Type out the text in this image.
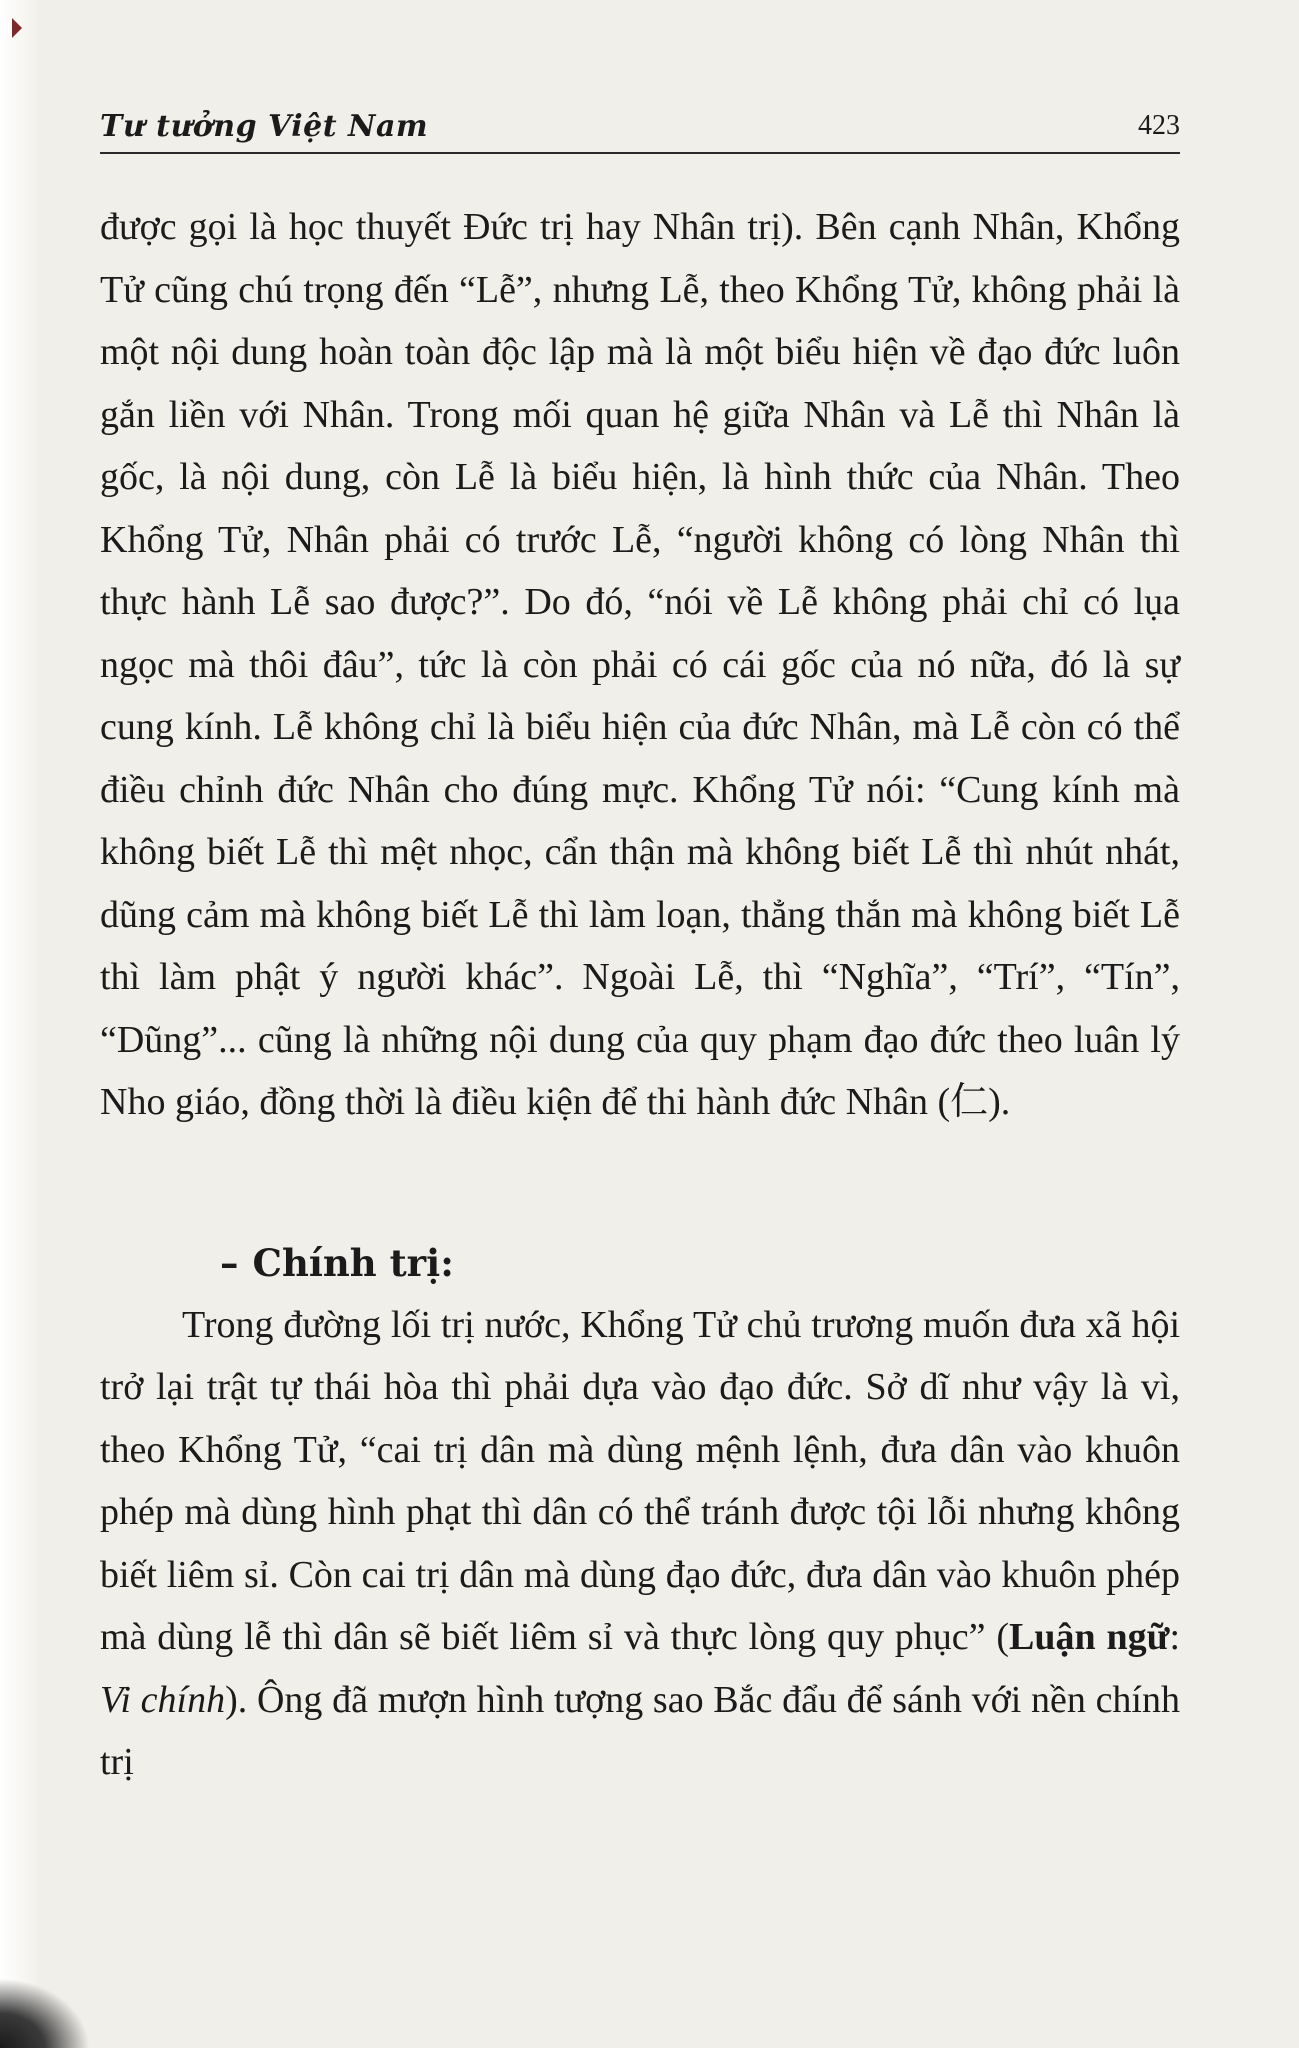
Tư tưởng Việt Nam	423

được gọi là học thuyết Đức trị hay Nhân trị). Bên cạnh Nhân, Khổng Tử cũng chú trọng đến “Lễ”, nhưng Lễ, theo Khổng Tử, không phải là một nội dung hoàn toàn độc lập mà là một biểu hiện về đạo đức luôn gắn liền với Nhân. Trong mối quan hệ giữa Nhân và Lễ thì Nhân là gốc, là nội dung, còn Lễ là biểu hiện, là hình thức của Nhân. Theo Khổng Tử, Nhân phải có trước Lễ, “người không có lòng Nhân thì thực hành Lễ sao được?”. Do đó, “nói về Lễ không phải chỉ có lụa ngọc mà thôi đâu”, tức là còn phải có cái gốc của nó nữa, đó là sự cung kính. Lễ không chỉ là biểu hiện của đức Nhân, mà Lễ còn có thể điều chỉnh đức Nhân cho đúng mực. Khổng Tử nói: “Cung kính mà không biết Lễ thì mệt nhọc, cẩn thận mà không biết Lễ thì nhút nhát, dũng cảm mà không biết Lễ thì làm loạn, thẳng thắn mà không biết Lễ thì làm phật ý người khác”. Ngoài Lễ, thì “Nghĩa”, “Trí”, “Tín”, “Dũng”... cũng là những nội dung của quy phạm đạo đức theo luân lý Nho giáo, đồng thời là điều kiện để thi hành đức Nhân (仁).

– Chính trị:

Trong đường lối trị nước, Khổng Tử chủ trương muốn đưa xã hội trở lại trật tự thái hòa thì phải dựa vào đạo đức. Sở dĩ như vậy là vì, theo Khổng Tử, “cai trị dân mà dùng mệnh lệnh, đưa dân vào khuôn phép mà dùng hình phạt thì dân có thể tránh được tội lỗi nhưng không biết liêm sỉ. Còn cai trị dân mà dùng đạo đức, đưa dân vào khuôn phép mà dùng lễ thì dân sẽ biết liêm sỉ và thực lòng quy phục” (Luận ngữ: Vi chính). Ông đã mượn hình tượng sao Bắc đẩu để sánh với nền chính trị
